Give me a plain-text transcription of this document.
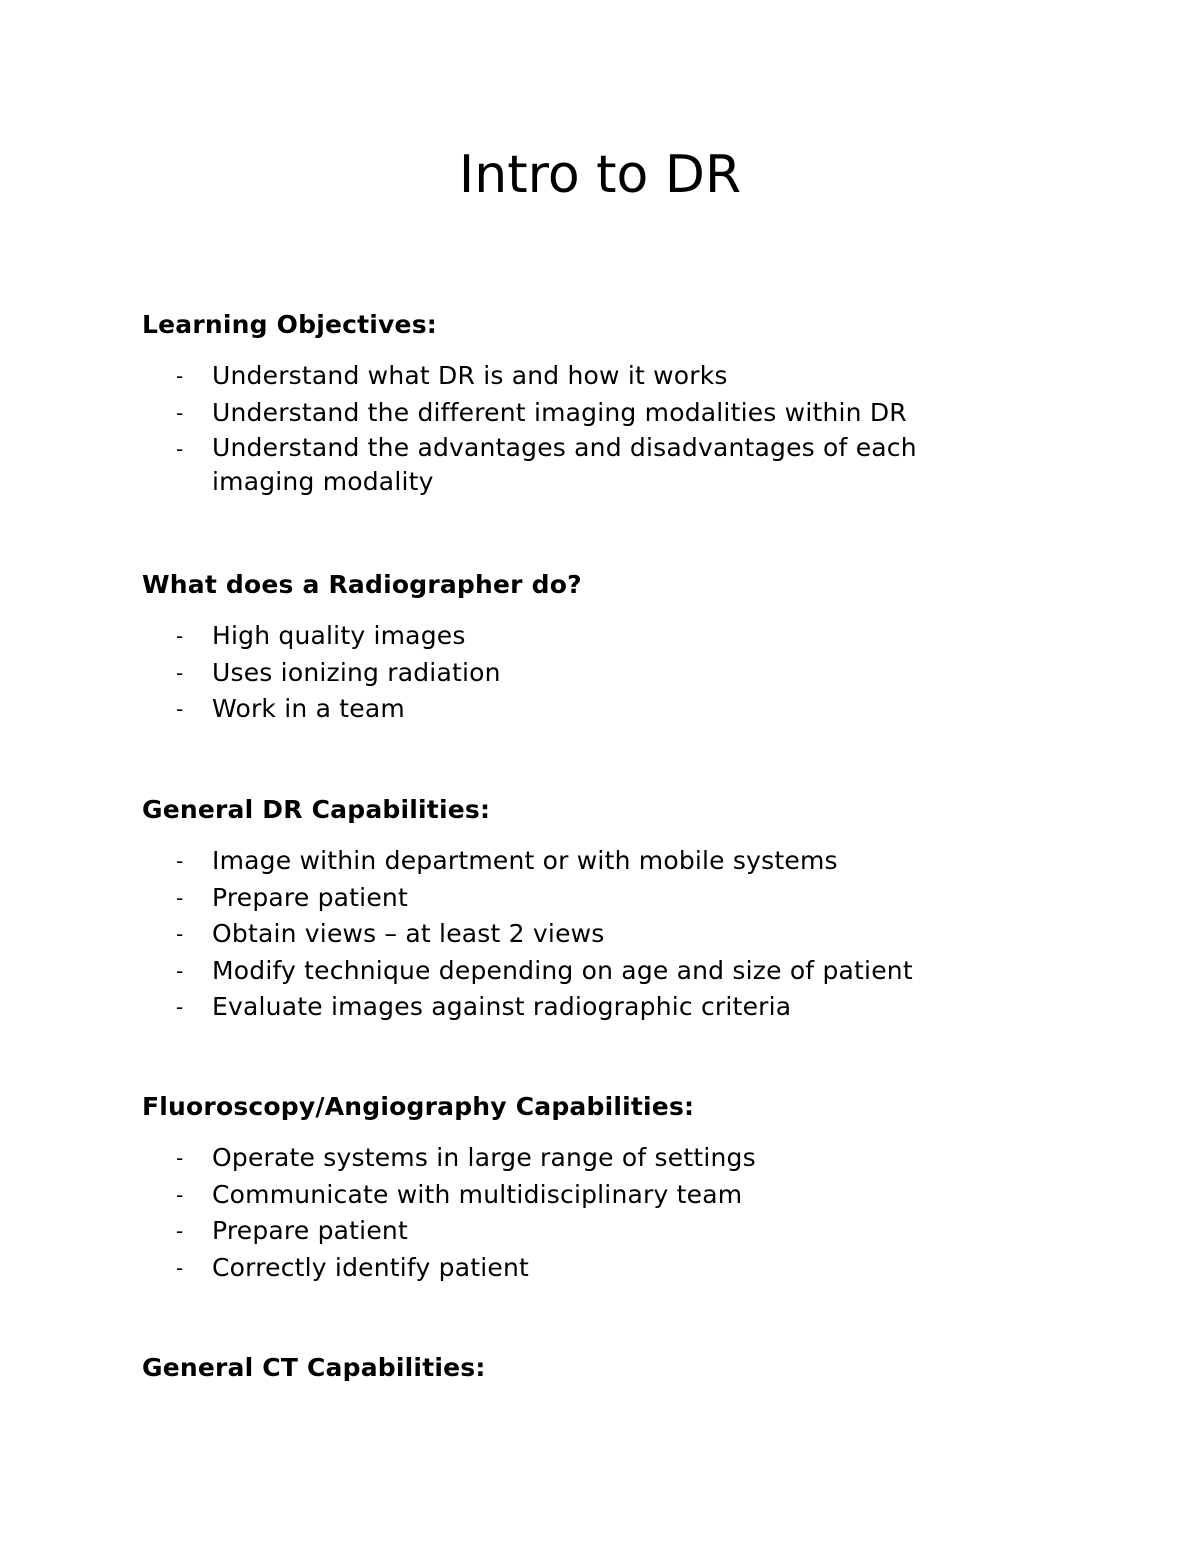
Intro to DR
Learning Objectives:
- Understand what DR is and how it works
- Understand the different imaging modalities within DR
- Understand the advantages and disadvantages of each imaging modality
What does a Radiographer do?
- High quality images
- Uses ionizing radiation
- Work in a team
General DR Capabilities:
- Image within department or with mobile systems
- Prepare patient
- Obtain views – at least 2 views
- Modify technique depending on age and size of patient
- Evaluate images against radiographic criteria
Fluoroscopy/Angiography Capabilities:
- Operate systems in large range of settings
- Communicate with multidisciplinary team
- Prepare patient
- Correctly identify patient
General CT Capabilities:
